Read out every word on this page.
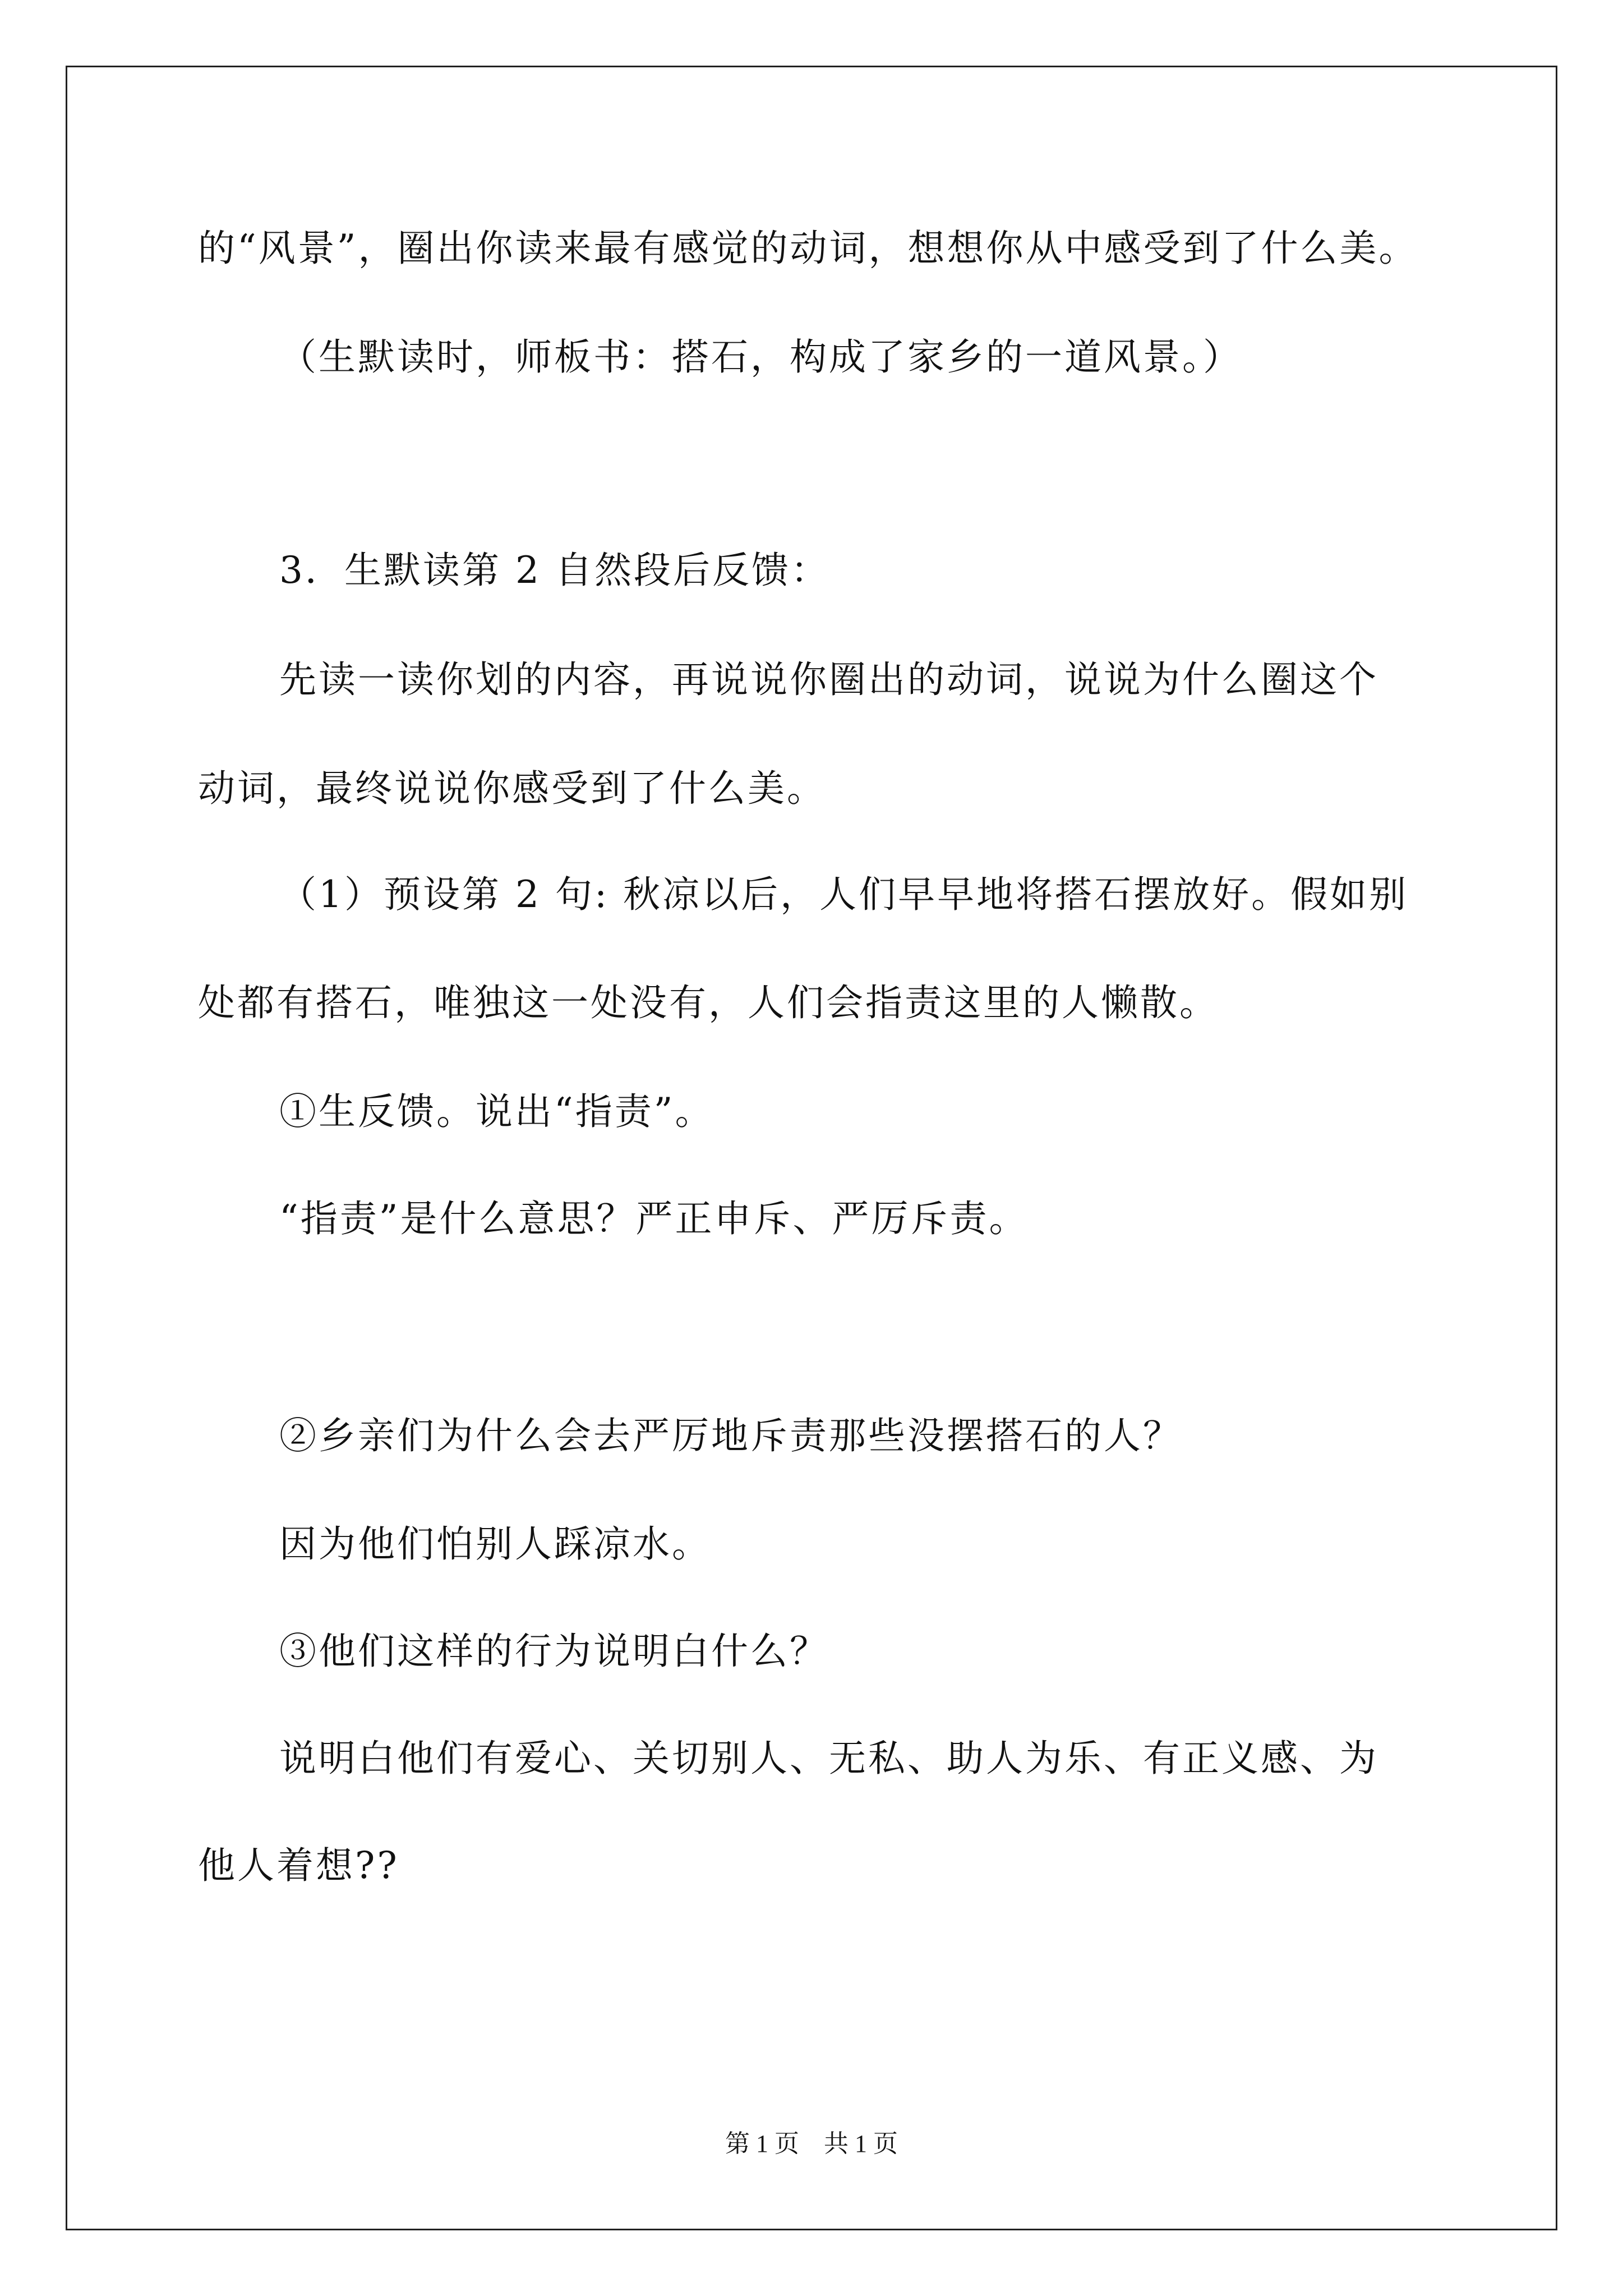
的“风景”，圈出你读来最有感觉的动词，想想你从中感受到了什么美。
（生默读时，师板书：搭石，构成了家乡的一道风景。）
3．生默读第 2 自然段后反馈：
先读一读你划的内容，再说说你圈出的动词，说说为什么圈这个
动词，最终说说你感受到了什么美。
（1）预设第 2 句: 秋凉以后，人们早早地将搭石摆放好。假如别
处都有搭石，唯独这一处没有，人们会指责这里的人懒散。
①生反馈。说出“指责”。
“指责”是什么意思？严正申斥、严厉斥责。
②乡亲们为什么会去严厉地斥责那些没摆搭石的人？
因为他们怕别人踩凉水。
③他们这样的行为说明白什么？
说明白他们有爱心、关切别人、无私、助人为乐、有正义感、为
他人着想??
第 1 页    共 1 页
